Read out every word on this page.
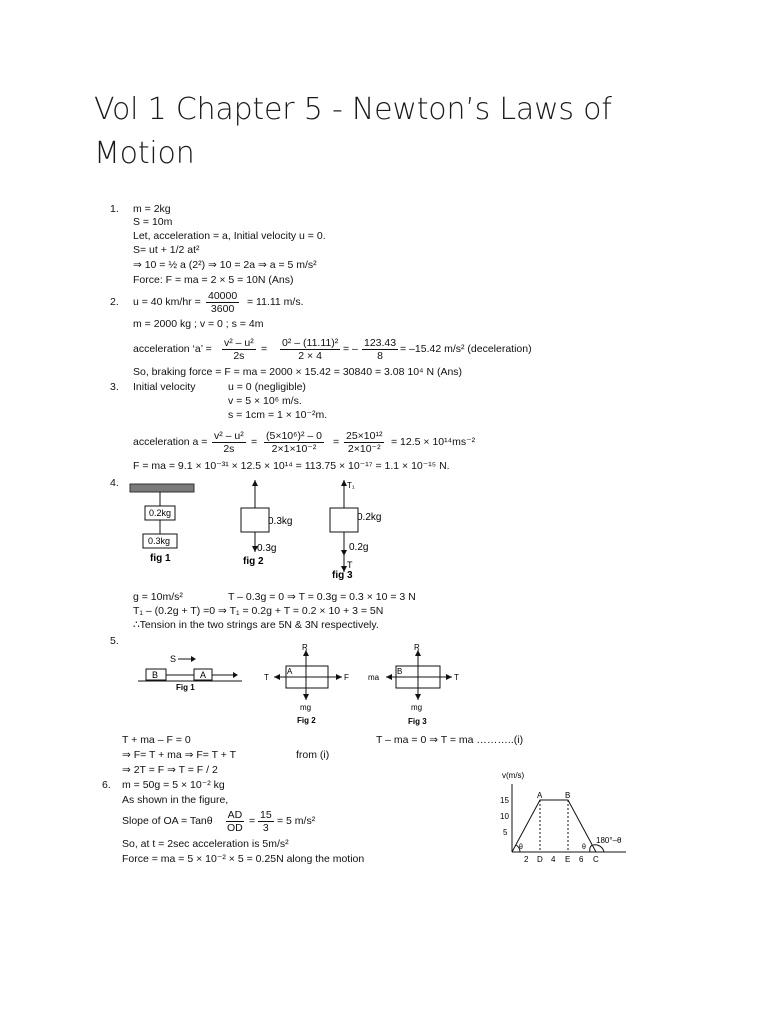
Vol 1 Chapter 5 - Newton’s Laws of Motion
1. m = 2kg
S = 10m
Let, acceleration = a, Initial velocity u = 0.
S= ut + 1/2 at²
⇒ 10 = ½ a (2²) ⇒ 10 = 2a ⇒ a = 5 m/s²
Force: F = ma = 2 × 5 = 10N (Ans)
2. u = 40 $km/hr = \frac{40000}{3600} = 11.11$ m/s.
m = 2000 kg ; v = 0 ; s = 4m
acceleration ‘a’ = $\frac{\text{v² – u²}}{2s} = \frac{\text{0² – (11.11)²}}{2 \times 4}$ = – $\frac{123.43}{8} = -15.42$ m/s² (deceleration)
So, braking force = F = ma = 2000 × 15.42 = 30840 = 3.08 10⁴ N (Ans)
3. Initial velocity	u = 0 (negligible)
v = 5 × 10⁶ m/s.
s = 1cm = 1 × 10⁻²m.
acceleration $a = \frac{\text{v² – u²}}{2s} = \frac{\text{(5×10⁶)² – 0}}{\text{2×1×10⁻²}} = \frac{\text{25×10¹²}}{\text{2×10⁻²}} = 12.5 \times 10^{14}ms^{-2}$
F = ma = 9.1 × 10⁻³¹ × 12.5 × 10¹⁴ = 113.75 × 10⁻¹⁷ = 1.1 × 10⁻¹⁵ N.
4.
0.2kg
0.3kg
fig 1
0.3kg
0.3g
fig 2
T₁
0.2kg
0.2g
T
fig 3
g = 10m/s²	T – 0.3g = 0 ⇒ T = 0.3g = 0.3 × 10 = 3 N
T₁ – (0.2g + T) =0 ⇒ T₁ = 0.2g + T = 0.2 × 10 + 3 = 5N
∴Tension in the two strings are 5N & 3N respectively.
5.
S
B	A
Fig 1
R
T
A
F
mg
Fig 2
R
ma
B
T
mg
Fig 3
T + ma – F = 0	T – ma = 0 ⇒ T = ma ………..(i)
⇒ F= T + ma ⇒ F= T + T	from (i)
⇒ 2T = F ⇒ T = F / 2
6. m = 50g = 5 × 10⁻² kg
As shown in the figure,
Slope of OA = Tanθ $\frac{AD}{OD} = \frac{15}{3} = 5$ m/s²
So, at t = 2sec acceleration is 5m/s²
Force = ma = 5 × 10⁻² × 5 = 0.25N along the motion
v(m/s)
15
10
5
A	B
θ	θ
180°–θ
2 D 4 E 6 C
